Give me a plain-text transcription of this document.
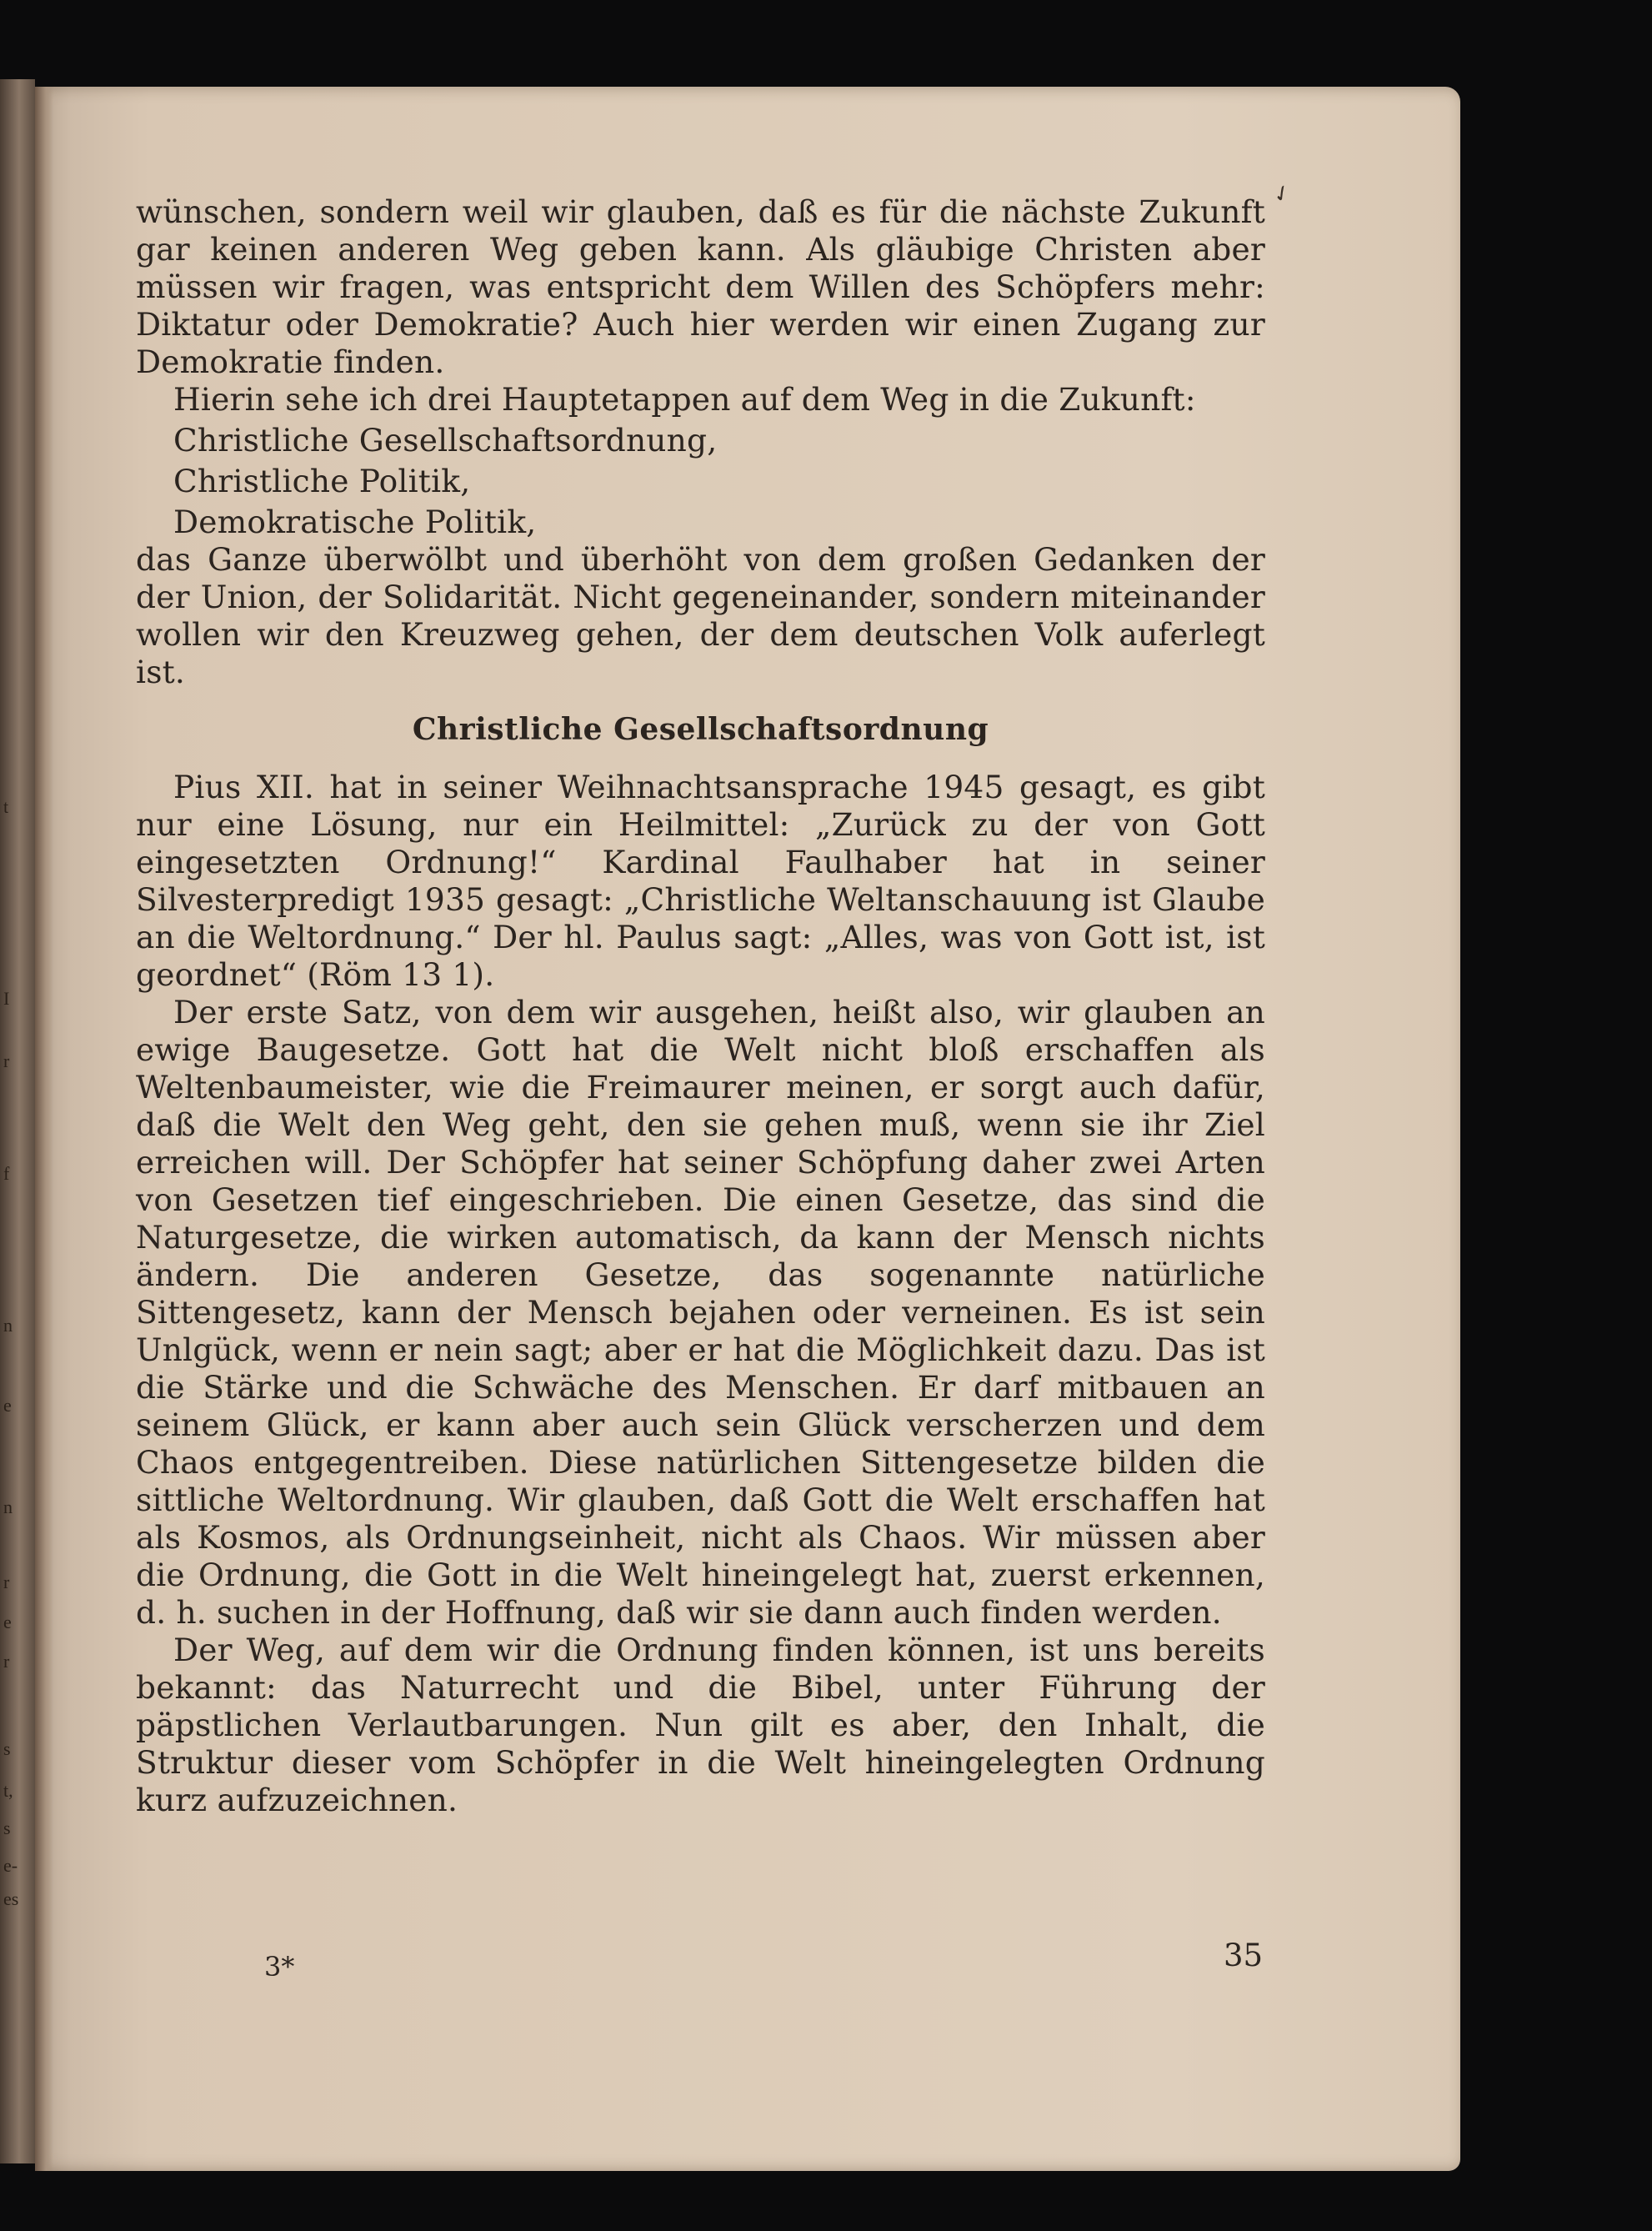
t
I
r
f
n
e
n
r
e
r
s
t,
s
e-
es
✓

wünschen, sondern weil wir glauben, daß es für die nächste Zukunft gar keinen anderen Weg geben kann. Als gläubige Christen aber müssen wir fragen, was entspricht dem Willen des Schöpfers mehr: Diktatur oder Demokratie? Auch hier werden wir einen Zugang zur Demokratie finden.

Hierin sehe ich drei Hauptetappen auf dem Weg in die Zukunft:

Christliche Gesellschaftsordnung,
Christliche Politik,
Demokratische Politik,

das Ganze überwölbt und überhöht von dem großen Gedanken der der Union, der Solidarität. Nicht gegeneinander, sondern miteinander wollen wir den Kreuzweg gehen, der dem deutschen Volk auferlegt ist.

Christliche Gesellschaftsordnung

Pius XII. hat in seiner Weihnachtsansprache 1945 gesagt, es gibt nur eine Lösung, nur ein Heilmittel: „Zurück zu der von Gott eingesetzten Ordnung!“ Kardinal Faulhaber hat in seiner Silvesterpredigt 1935 gesagt: „Christliche Weltanschauung ist Glaube an die Weltordnung.“ Der hl. Paulus sagt: „Alles, was von Gott ist, ist geordnet“ (Röm 13 1).

Der erste Satz, von dem wir ausgehen, heißt also, wir glauben an ewige Baugesetze. Gott hat die Welt nicht bloß erschaffen als Weltenbaumeister, wie die Freimaurer meinen, er sorgt auch dafür, daß die Welt den Weg geht, den sie gehen muß, wenn sie ihr Ziel erreichen will. Der Schöpfer hat seiner Schöpfung daher zwei Arten von Gesetzen tief eingeschrieben. Die einen Gesetze, das sind die Naturgesetze, die wirken automatisch, da kann der Mensch nichts ändern. Die anderen Gesetze, das sogenannte natürliche Sittengesetz, kann der Mensch bejahen oder verneinen. Es ist sein Unlgück, wenn er nein sagt; aber er hat die Möglichkeit dazu. Das ist die Stärke und die Schwäche des Menschen. Er darf mitbauen an seinem Glück, er kann aber auch sein Glück verscherzen und dem Chaos entgegentreiben. Diese natürlichen Sittengesetze bilden die sittliche Weltordnung. Wir glauben, daß Gott die Welt erschaffen hat als Kosmos, als Ordnungseinheit, nicht als Chaos. Wir müssen aber die Ordnung, die Gott in die Welt hineingelegt hat, zuerst erkennen, d. h. suchen in der Hoffnung, daß wir sie dann auch finden werden.

Der Weg, auf dem wir die Ordnung finden können, ist uns bereits bekannt: das Naturrecht und die Bibel, unter Führung der päpstlichen Verlautbarungen. Nun gilt es aber, den Inhalt, die Struktur dieser vom Schöpfer in die Welt hineingelegten Ordnung kurz aufzuzeichnen.

3*	35
